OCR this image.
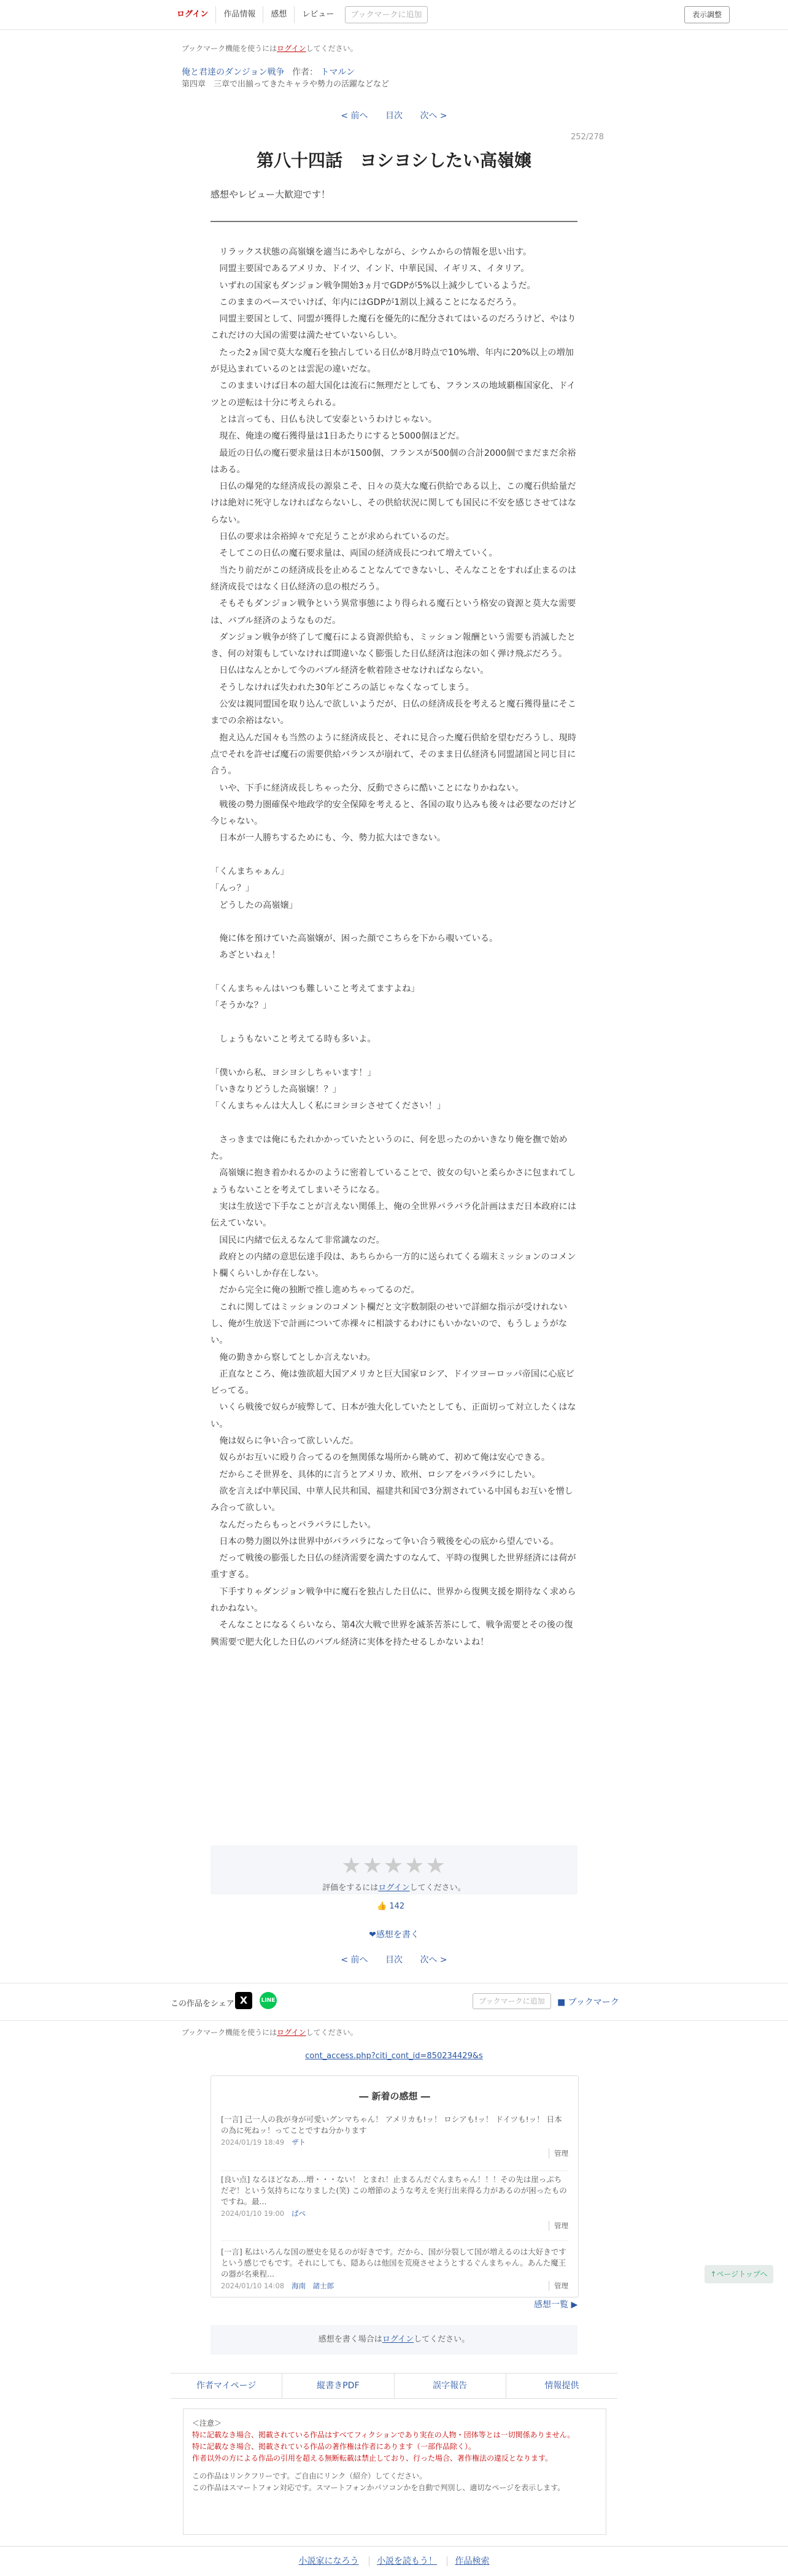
ログイン	作品情報	感想	レビュー	ブックマークに追加	表示調整
ブックマーク機能を使うにはログインしてください。
俺と君達のダンジョン戦争 作者： トマルン
第四章　三章で出揃ってきたキャラや勢力の活躍などなど
< 前へ 目次 次へ >
252/278
第八十四話　ヨシヨシしたい高嶺嬢
感想やレビュー大歓迎です！
　リラックス状態の高嶺嬢を適当にあやしながら、シウムからの情報を思い出す。
　同盟主要国であるアメリカ、ドイツ、インド、中華民国、イギリス、イタリア。
　いずれの国家もダンジョン戦争開始3ヵ月でGDPが5%以上減少しているようだ。
　このままのペースでいけば、年内にはGDPが1割以上減ることになるだろう。
　同盟主要国として、同盟が獲得した魔石を優先的に配分されてはいるのだろうけど、やはりこれだけの大国の需要は満たせていないらしい。
　たった2ヵ国で莫大な魔石を独占している日仏が8月時点で10%増、年内に20%以上の増加が見込まれているのとは雲泥の違いだな。
　このままいけば日本の超大国化は流石に無理だとしても、フランスの地域覇権国家化、ドイツとの逆転は十分に考えられる。
　とは言っても、日仏も決して安泰というわけじゃない。
　現在、俺達の魔石獲得量は1日あたりにすると5000個ほどだ。
　最近の日仏の魔石要求量は日本が1500個、フランスが500個の合計2000個でまだまだ余裕はある。
　日仏の爆発的な経済成長の源泉こそ、日々の莫大な魔石供給である以上、この魔石供給量だけは絶対に死守しなければならないし、その供給状況に関しても国民に不安を感じさせてはならない。
　日仏の要求は余裕綽々で充足うことが求められているのだ。
　そしてこの日仏の魔石要求量は、両国の経済成長につれて増えていく。
　当たり前だがこの経済成長を止めることなんてできないし、そんなことをすれば止まるのは経済成長ではなく日仏経済の息の根だろう。
　そもそもダンジョン戦争という異常事態により得られる魔石という格安の資源と莫大な需要は、バブル経済のようなものだ。
　ダンジョン戦争が終了して魔石による資源供給も、ミッション報酬という需要も消滅したとき、何の対策もしていなければ間違いなく膨張した日仏経済は泡沫の如く弾け飛ぶだろう。
　日仏はなんとかして今のバブル経済を軟着陸させなければならない。
　そうしなければ失われた30年どころの話じゃなくなってしまう。
　公安は親同盟国を取り込んで欲しいようだが、日仏の経済成長を考えると魔石獲得量にそこまでの余裕はない。
　抱え込んだ国々も当然のように経済成長と、それに見合った魔石供給を望むだろうし、現時点でそれを許せば魔石の需要供給バランスが崩れて、そのまま日仏経済も同盟諸国と同じ目に合う。
　いや、下手に経済成長しちゃった分、反動でさらに酷いことになりかねない。
　戦後の勢力圏確保や地政学的安全保障を考えると、各国の取り込みも後々は必要なのだけど今じゃない。
　日本が一人勝ちするためにも、今、勢力拡大はできない。

「くんまちゃぁん」
「んっ？」
　どうしたの高嶺嬢」

　俺に体を預けていた高嶺嬢が、困った顔でこちらを下から覗いている。
　あざといねぇ！

「くんまちゃんはいつも難しいこと考えてますよね」
「そうかな？」

　しょうもないこと考えてる時も多いよ。

「僕いから私、ヨシヨシしちゃいます！」
「いきなりどうした高嶺嬢！？」
「くんまちゃんは大人しく私にヨシヨシさせてください！」

　さっきまでは俺にもたれかかっていたというのに、何を思ったのかいきなり俺を撫で始めた。
　高嶺嬢に抱き着かれるかのように密着していることで、彼女の匂いと柔らかさに包まれてしょうもないことを考えてしまいそうになる。
　実は生放送で下手なことが言えない関係上、俺の全世界バラバラ化計画はまだ日本政府には伝えていない。
　国民に内緒で伝えるなんて非常識なのだ。
　政府との内緒の意思伝達手段は、あちらから一方的に送られてくる端末ミッションのコメント欄くらいしか存在しない。
　だから完全に俺の独断で推し進めちゃってるのだ。
　これに関してはミッションのコメント欄だと文字数制限のせいで詳細な指示が受けれないし、俺が生放送下で計画について赤裸々に相談するわけにもいかないので、もうしょうがない。
　俺の勤きから察してとしか言えないわ。
　正直なところ、俺は強欲超大国アメリカと巨大国家ロシア、ドイツヨーロッパ帝国に心底ビビってる。
　いくら戦後で奴らが疲弊して、日本が強大化していたとしても、正面切って対立したくはない。
　俺は奴らに争い合って欲しいんだ。
　奴らがお互いに殴り合ってるのを無関係な場所から眺めて、初めて俺は安心できる。
　だからこそ世界を、具体的に言うとアメリカ、欧州、ロシアをバラバラにしたい。
　欲を言えば中華民国、中華人民共和国、福建共和国で3分割されている中国もお互いを憎しみ合って欲しい。
　なんだったらもっとバラバラにしたい。
　日本の勢力圏以外は世界中がバラバラになって争い合う戦後を心の底から望んでいる。
　だって戦後の膨張した日仏の経済需要を満たすのなんて、平時の復興した世界経済には荷が重すぎる。
　下手すりゃダンジョン戦争中に魔石を独占した日仏に、世界から復興支援を期待なく求められかねない。
　そんなことになるくらいなら、第4次大戦で世界を滅茶苦茶にして、戦争需要とその後の復興需要で肥大化した日仏のバブル経済に実体を持たせるしかないよね！
★★★★★
評価をするにはログインしてください。
👍 142
❤感想を書く
< 前へ 目次 次へ >
この作品をシェア X	LINE	ブックマークに追加	■ ブックマーク
ブックマーク機能を使うにはログインしてください。
cont_access.php?citi_cont_id=850234429&s
― 新着の感想 ―
[一言] 己一人の我が身が可愛いグンマちゃん！ アメリカも!ッ！ ロシアも!ッ！ ドイツも!ッ！ 日本の為に死ねッ！ってことですね分かります
2024/01/19 18:49 ザト
管理
[良い点] なるほどなあ…増・・・ない！ とまれ！止まるんだぐんまちゃん！！！その先は崖っぷちだぞ！という気持ちになりました(笑) この増節のような考えを実行出来得る力があるのが困ったものですね。最...
2024/01/10 19:00 ぱぺ
管理
[一言] 私はいろんな国の歴史を見るのが好きです。だから、国が分裂して国が増えるのは大好きですという感じでもです。それにしても、隠あらは他国を荒廃させようとするぐんまちゃん。あんた魔王の器が名乗程...
2024/01/10 14:08 海南　諸士郎	管理
↑ページトップへ
感想一覧 ▶
感想を書く場合はログインしてください。
作者マイページ	縦書きPDF	誤字報告	情報提供
＜注意＞
特に記載なき場合、掲載されている作品はすべてフィクションであり実在の人物・団体等とは一切関係ありません。
特に記載なき場合、掲載されている作品の著作権は作者にあります（一部作品除く）。
作者以外の方による作品の引用を超える無断転載は禁止しており、行った場合、著作権法の違反となります。
この作品はリンクフリーです。ご自由にリンク（紹介）してください。
この作品はスマートフォン対応です。スマートフォンかパソコンかを自動で判別し、適切なページを表示します。
小説家になろう 小説を読もう！ 作品検索
